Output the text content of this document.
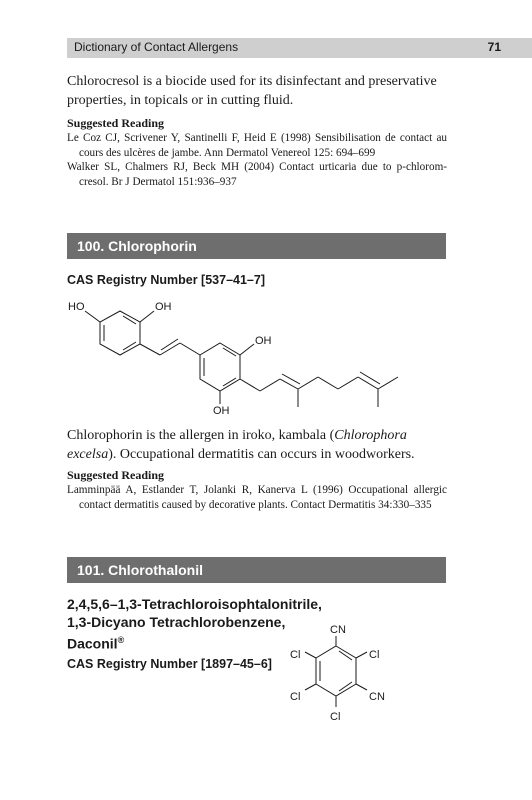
Dictionary of Contact Allergens	71
Chlorocresol is a biocide used for its disinfectant and preservative properties, in topicals or in cutting fluid.
Suggested Reading

Le Coz CJ, Scrivener Y, Santinelli F, Heid E (1998) Sensibilisation de contact au cours des ulcères de jambe. Ann Dermatol Venereol 125: 694–699

Walker SL, Chalmers RJ, Beck MH (2004) Contact urticaria due to p-chlorom-cresol. Br J Dermatol 151:936–937

100. Chlorophorin
CAS Registry Number [537–41–7]
HO	OH
OH
OH
Chlorophorin is the allergen in iroko, kambala (Chlorophora excelsa). Occupational dermatitis can occurs in woodworkers.
Suggested Reading

Lamminpää A, Estlander T, Jolanki R, Kanerva L (1996) Occupational allergic contact dermatitis caused by decorative plants. Contact Dermatitis 34:330–335

101. Chlorothalonil
2,4,5,6–1,3-Tetrachloroisophtalonitrile,
1,3-Dicyano Tetrachlorobenzene,
Daconil®
CAS Registry Number [1897–45–6]
CN
Cl	Cl
Cl	CN
Cl
